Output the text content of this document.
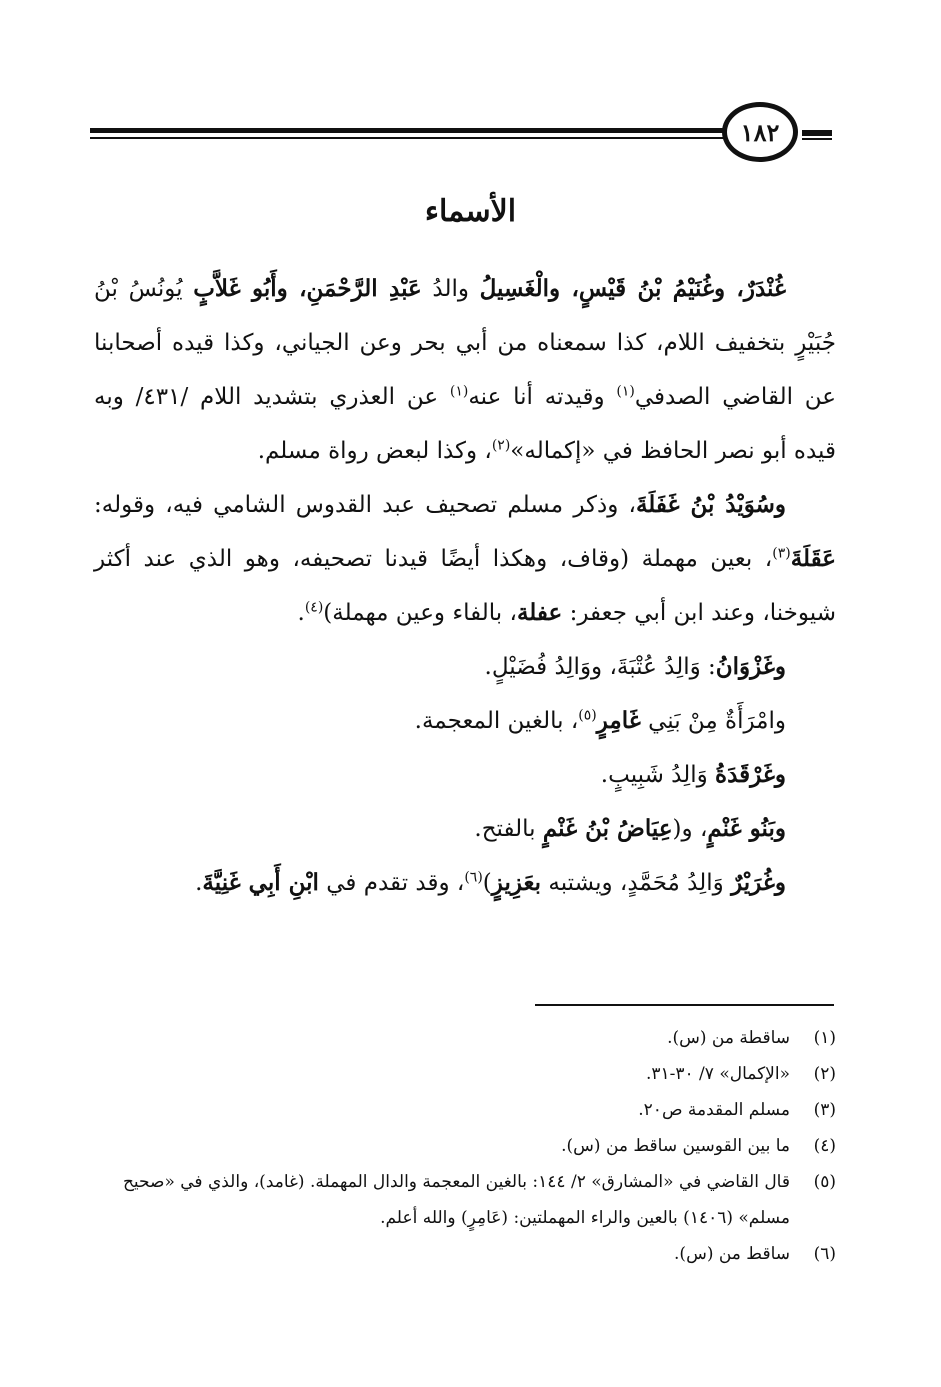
١٨٢
الأسماء

غُنْدَرٌ، وغُنَيْمُ بْنُ قَيْسٍ، والْغَسِيلُ والدُ عَبْدِ الرَّحْمَنِ، وأَبُو غَلاَّبٍ يُونُسُ بْنُ جُبَيْرٍ بتخفيف اللام، كذا سمعناه من أبي بحر وعن الجياني، وكذا قيده أصحابنا عن القاضي الصدفي$^{(١)}$ وقيدته أنا عنه$^{(١)}$ عن العذري بتشديد اللام /٤٣١/ وبه قيده أبو نصر الحافظ في «إكماله»$^{(٢)}$، وكذا لبعض رواة مسلم.

وسُوَيْدُ بْنُ غَفَلَةَ، وذكر مسلم تصحيف عبد القدوس الشامي فيه، وقوله: عَقَلَةَ$^{(٣)}$، بعين مهملة (وقاف، وهكذا أيضًا قيدنا تصحيفه، وهو الذي عند أكثر شيوخنا، وعند ابن أبي جعفر: عفلة، بالفاء وعين مهملة)$^{(٤)}$.

وغَزْوَانُ: وَالِدُ عُتْبَةَ، ووَالِدُ فُضَيْلٍ.

وامْرَأَةٌ مِنْ بَنِي غَامِرٍ$^{(٥)}$، بالغين المعجمة.

وغَرْقَدَةُ وَالِدُ شَبِيبٍ.

وبَنُو غَنْمٍ، و(عِيَاضُ بْنُ غَنْمٍ بالفتح.

وغُرَيْرٌ وَالِدُ مُحَمَّدٍ، ويشتبه بعَزِيزٍ)$^{(٦)}$، وقد تقدم في ابْنِ أَبِي غَنِيَّةَ.

(١)
ساقطة من (س).
(٢)
«الإكمال» ٧/ ٣٠-٣١.
(٣)
مسلم المقدمة ص٢٠.
(٤)
ما بين القوسين ساقط من (س).
(٥)
قال القاضي في «المشارق» ٢/ ١٤٤: بالغين المعجمة والدال المهملة. (غامد)، والذي في «صحيح مسلم» (١٤٠٦) بالعين والراء المهملتين: (عَامِرٍ) والله أعلم.
(٦)
ساقط من (س).
